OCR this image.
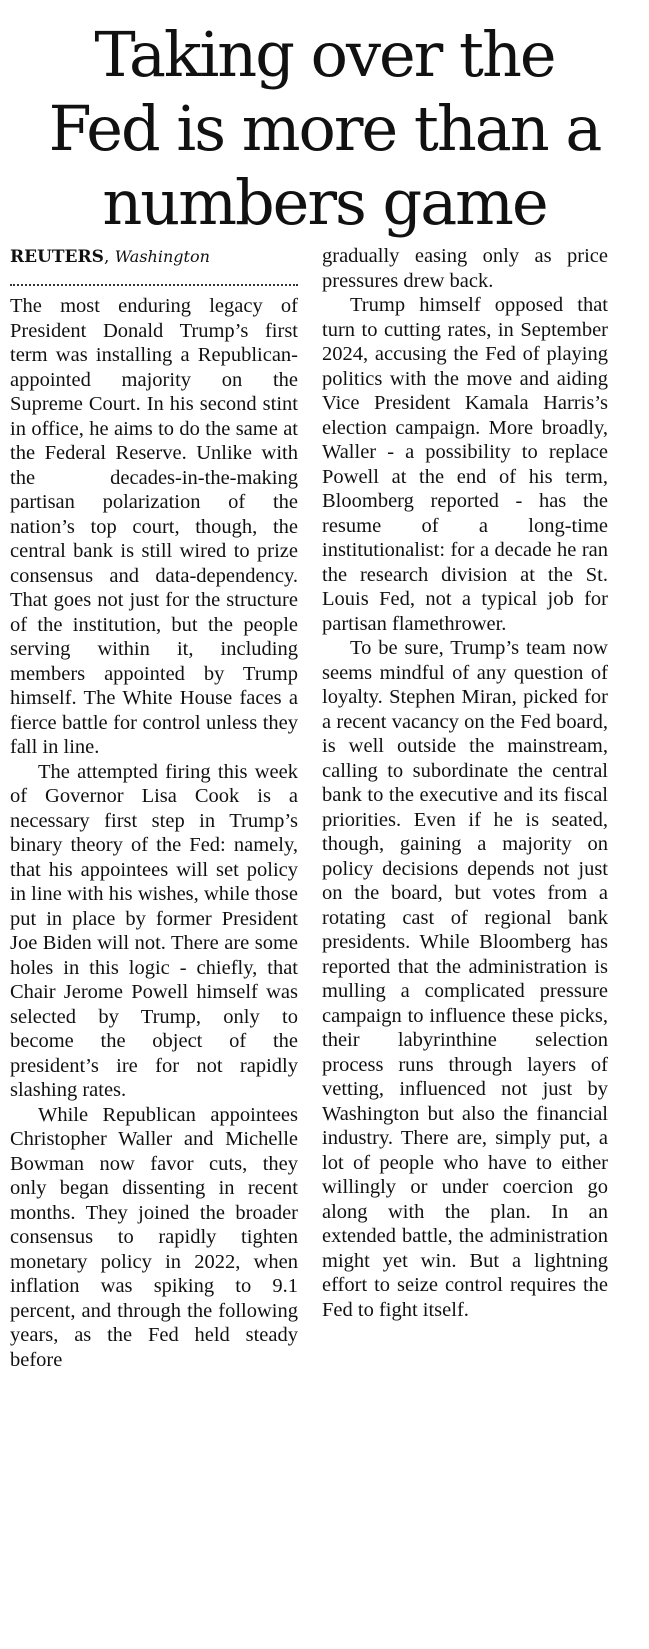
Taking over the
Fed is more than a
numbers game
REUTERS, Washington

The most enduring legacy of President Donald Trump’s first term was installing a Republican-appointed majority on the Supreme Court. In his second stint in office, he aims to do the same at the Federal Reserve. Unlike with the decades-in-the-making partisan polarization of the nation’s top court, though, the central bank is still wired to prize consensus and data-dependency. That goes not just for the structure of the institution, but the people serving within it, including members appointed by Trump himself. The White House faces a fierce battle for control unless they fall in line.

The attempted firing this week of Governor Lisa Cook is a necessary first step in Trump’s binary theory of the Fed: namely, that his appointees will set policy in line with his wishes, while those put in place by former President Joe Biden will not. There are some holes in this logic - chiefly, that Chair Jerome Powell himself was selected by Trump, only to become the object of the president’s ire for not rapidly slashing rates.

While Republican appointees Christopher Waller and Michelle Bowman now favor cuts, they only began dissenting in recent months. They joined the broader consensus to rapidly tighten monetary policy in 2022, when inflation was spiking to 9.1 percent, and through the following years, as the Fed held steady before

gradually easing only as price pressures drew back.

Trump himself opposed that turn to cutting rates, in September 2024, accusing the Fed of playing politics with the move and aiding Vice President Kamala Harris’s election campaign. More broadly, Waller - a possibility to replace Powell at the end of his term, Bloomberg reported - has the resume of a long-time institutionalist: for a decade he ran the research division at the St. Louis Fed, not a typical job for partisan flamethrower.

To be sure, Trump’s team now seems mindful of any question of loyalty. Stephen Miran, picked for a recent vacancy on the Fed board, is well outside the mainstream, calling to subordinate the central bank to the executive and its fiscal priorities. Even if he is seated, though, gaining a majority on policy decisions depends not just on the board, but votes from a rotating cast of regional bank presidents. While Bloomberg has reported that the administration is mulling a complicated pressure campaign to influence these picks, their labyrinthine selection process runs through layers of vetting, influenced not just by Washington but also the financial industry. There are, simply put, a lot of people who have to either willingly or under coercion go along with the plan. In an extended battle, the administration might yet win. But a lightning effort to seize control requires the Fed to fight itself.
